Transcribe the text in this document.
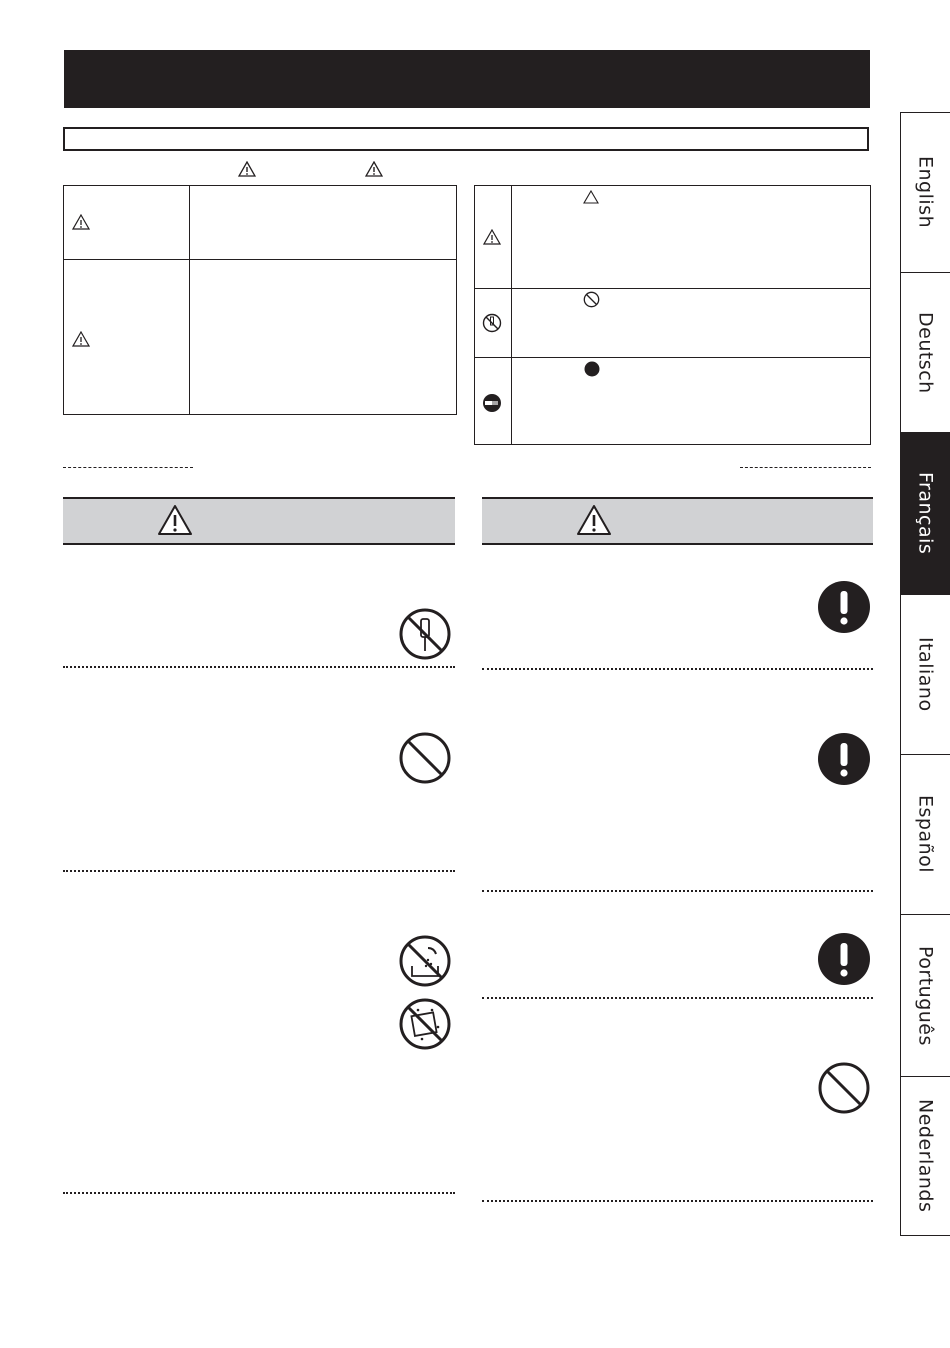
English
Deutsch
Français
Italiano
Español
Português
Nederlands
